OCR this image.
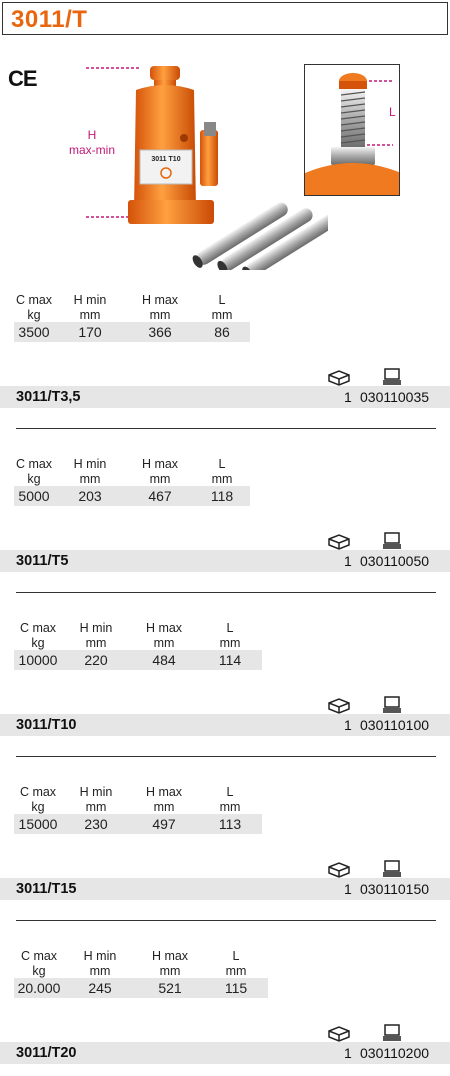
3011/T
CE
3011 T10
H
max-min
L
C max	H min	H max	L
kg	mm	mm	mm
3500	170	366	86
3011/T3,5	1 030110035
C max	H min	H max	L
kg	mm	mm	mm
5000	203	467	118
3011/T5	1 030110050
C max	H min	H max	L
kg	mm	mm	mm
10000	220	484	114
3011/T10	1 030110100
C max	H min	H max	L
kg	mm	mm	mm
15000	230	497	113
3011/T15	1 030110150
C max	H min	H max	L
kg	mm	mm	mm
20.000	245	521	115
3011/T20	1 030110200
